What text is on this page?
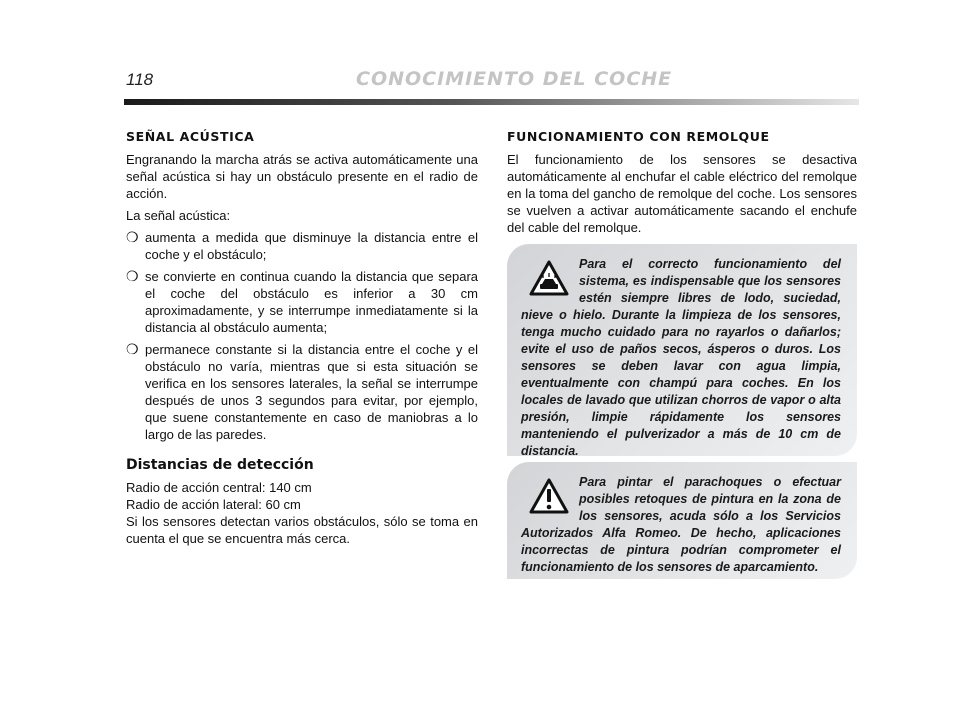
118	CONOCIMIENTO DEL COCHE
SEÑAL ACÚSTICA

Engranando la marcha atrás se activa automáticamente una señal acústica si hay un obstáculo presente en el radio de acción.

La señal acústica:

❍ aumenta a medida que disminuye la distancia entre el coche y el obstáculo;
❍ se convierte en continua cuando la distancia que separa el coche del obstáculo es inferior a 30 cm aproximadamente, y se interrumpe inmediatamente si la distancia al obstáculo aumenta;
❍ permanece constante si la distancia entre el coche y el obstáculo no varía, mientras que si esta situación se verifica en los sensores laterales, la señal se interrumpe después de unos 3 segundos para evitar, por ejemplo, que suene constantemente en caso de maniobras a lo largo de las paredes.
Distancias de detección

Radio de acción central: 140 cm

Radio de acción lateral: 60 cm

Si los sensores detectan varios obstáculos, sólo se toma en cuenta el que se encuentra más cerca.

FUNCIONAMIENTO CON REMOLQUE

El funcionamiento de los sensores se desactiva automáticamente al enchufar el cable eléctrico del remolque en la toma del gancho de remolque del coche. Los sensores se vuelven a activar automáticamente sacando el enchufe del cable del remolque.

Para el correcto funcionamiento del sistema, es indispensable que los sensores estén siempre libres de lodo, suciedad, nieve o hielo. Durante la limpieza de los sensores, tenga mucho cuidado para no rayarlos o dañarlos; evite el uso de paños secos, ásperos o duros. Los sensores se deben lavar con agua limpia, eventualmente con champú para coches. En los locales de lavado que utilizan chorros de vapor o alta presión, limpie rápidamente los sensores manteniendo el pulverizador a más de 10 cm de distancia.
Para pintar el parachoques o efectuar posibles retoques de pintura en la zona de los sensores, acuda sólo a los Servicios Autorizados Alfa Romeo. De hecho, aplicaciones incorrectas de pintura podrían comprometer el funcionamiento de los sensores de aparcamiento.
